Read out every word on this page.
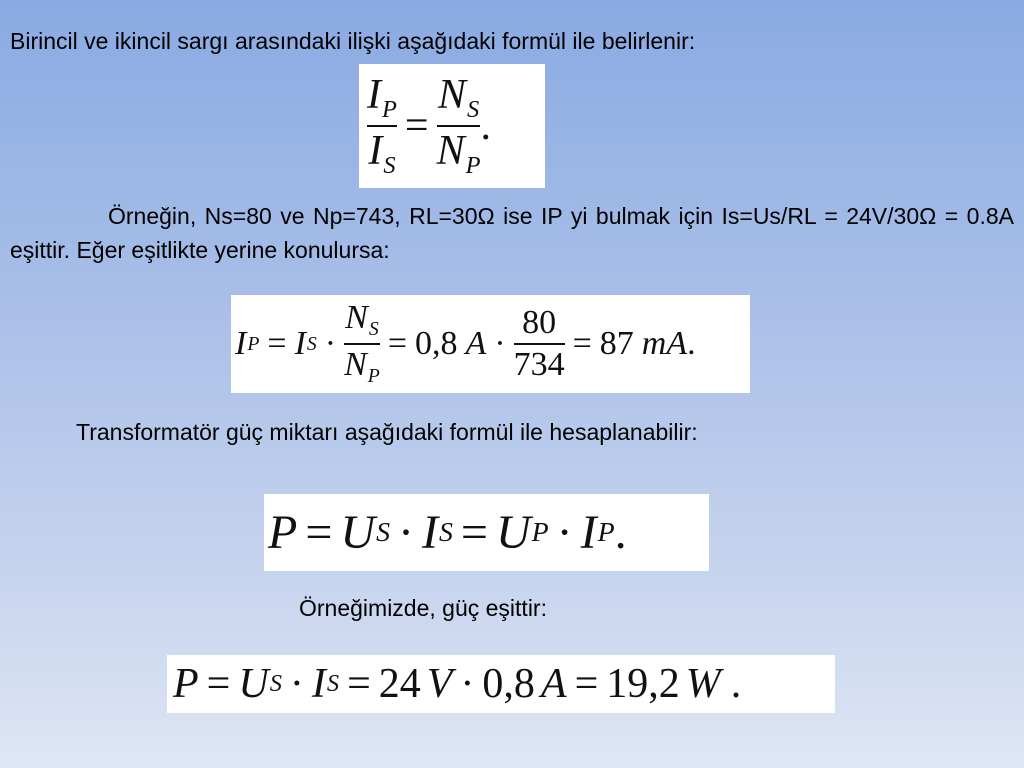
Birincil ve ikincil sargı arasındaki ilişki aşağıdaki formül ile belirlenir:
$\frac{I_P}{I_S} = \frac{N_S}{N_P}$ .
Örneğin, Ns=80 ve Np=743, RL=30Ω ise IP yi bulmak için Is=Us/RL = 24V/30Ω = 0.8A eşittir. Eğer eşitlikte yerine konulursa:
I P = I $S \cdot \frac{N_S}{N_P} = 0,8$ $A \cdot \frac{80}{734} = 87$ mA .
Transformatör güç miktarı aşağıdaki formül ile hesaplanabilir:
P = U S · I S = U P · I P .
Örneğimizde, güç eşittir:
P = U S · I S = 24 V · 0,8 A = 19,2 W .
